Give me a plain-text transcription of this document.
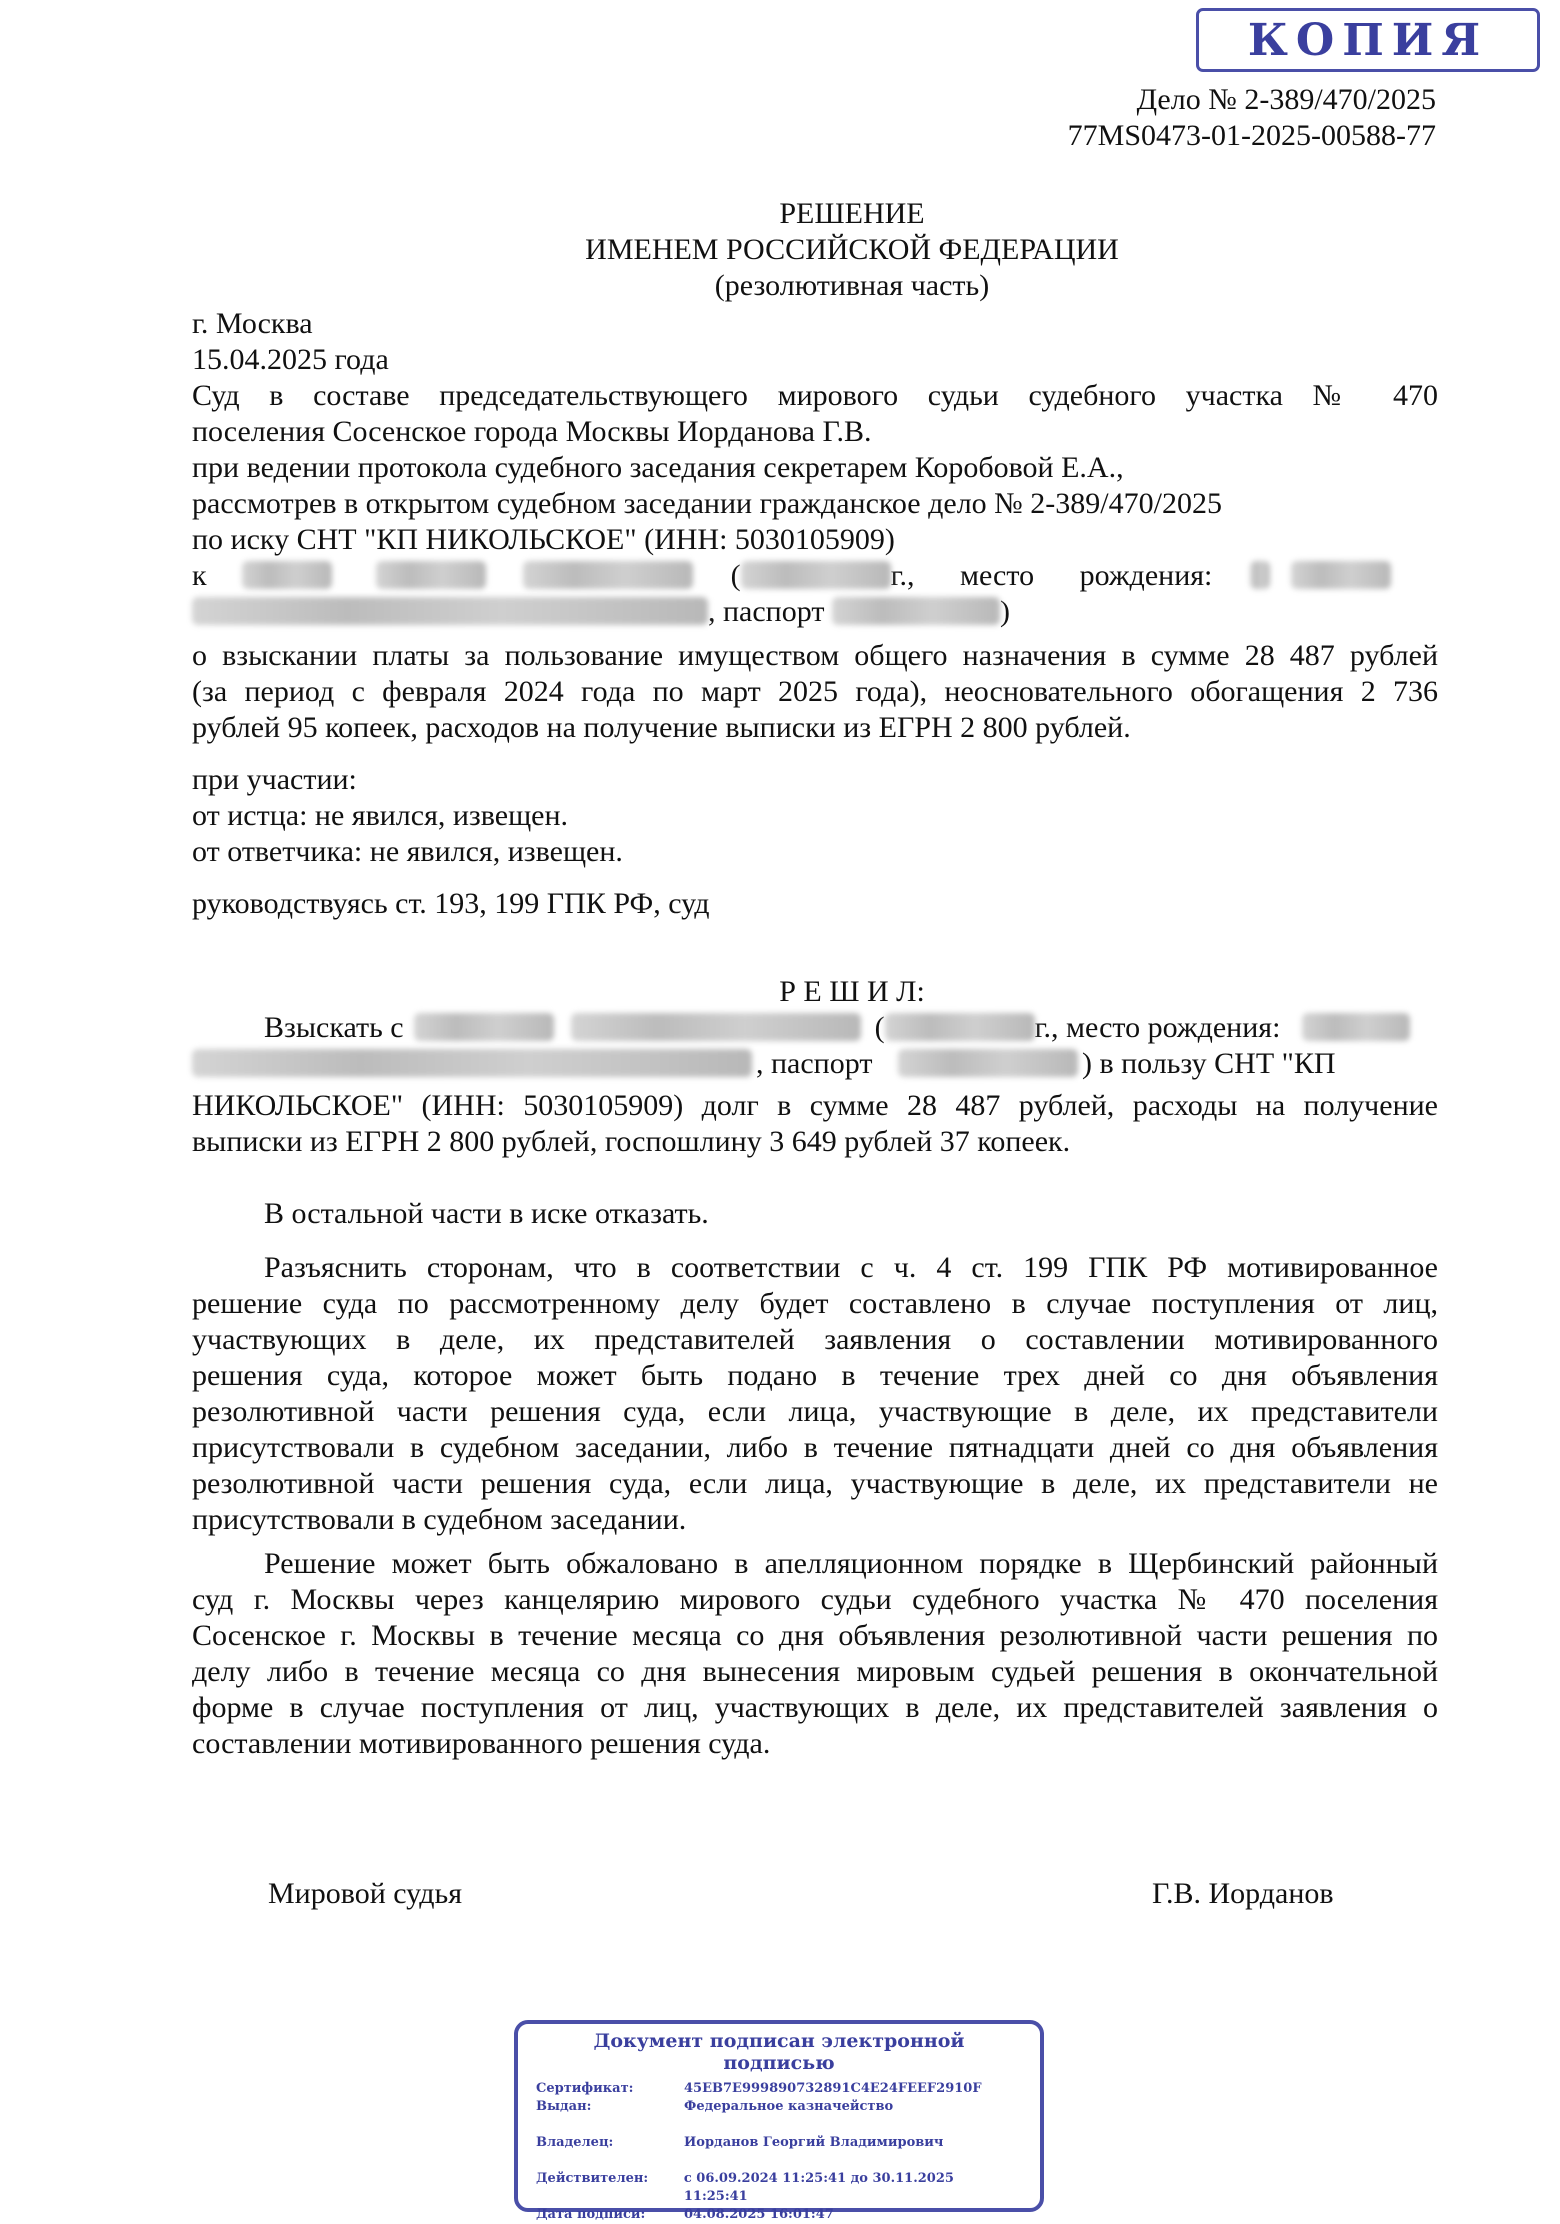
КОПИЯ
Дело № 2-389/470/2025
77MS0473-01-2025-00588-77
РЕШЕНИЕ
ИМЕНЕМ РОССИЙСКОЙ ФЕДЕРАЦИИ
(резолютивная часть)
г. Москва
15.04.2025 года
Суд в составе председательствующего мирового судьи судебного участка № 470
поселения Сосенское города Москвы Иорданова Г.В.
при ведении протокола судебного заседания секретарем Коробовой Е.А.,
рассмотрев в открытом судебном заседании гражданское дело № 2-389/470/2025
по иску СНТ "КП НИКОЛЬСКОЕ" (ИНН: 5030105909)
к	(	г., место рождения:
, паспорт	)
о взыскании платы за пользование имуществом общего назначения в сумме 28 487 рублей
(за период с февраля 2024 года по март 2025 года), неосновательного обогащения 2 736
рублей 95 копеек, расходов на получение выписки из ЕГРН 2 800 рублей.
при участии:
от истца: не явился, извещен.
от ответчика: не явился, извещен.
руководствуясь ст. 193, 199 ГПК РФ, суд
Р Е Ш И Л:
Взыскать с	(	г., место рождения:
, паспорт	) в пользу СНТ "КП
НИКОЛЬСКОЕ" (ИНН: 5030105909) долг в сумме 28 487 рублей, расходы на получение
выписки из ЕГРН 2 800 рублей, госпошлину 3 649 рублей 37 копеек.
В остальной части в иске отказать.
Разъяснить сторонам, что в соответствии с ч. 4 ст. 199 ГПК РФ мотивированное
решение суда по рассмотренному делу будет составлено в случае поступления от лиц,
участвующих в деле, их представителей заявления о составлении мотивированного
решения суда, которое может быть подано в течение трех дней со дня объявления
резолютивной части решения суда, если лица, участвующие в деле, их представители
присутствовали в судебном заседании, либо в течение пятнадцати дней со дня объявления
резолютивной части решения суда, если лица, участвующие в деле, их представители не
присутствовали в судебном заседании.
Решение может быть обжаловано в апелляционном порядке в Щербинский районный
суд г. Москвы через канцелярию мирового судьи судебного участка № 470 поселения
Сосенское г. Москвы в течение месяца со дня объявления резолютивной части решения по
делу либо в течение месяца со дня вынесения мировым судьей решения в окончательной
форме в случае поступления от лиц, участвующих в деле, их представителей заявления о
составлении мотивированного решения суда.
Мировой судья	Г.В. Иорданов
Документ подписан электронной подписью
Сертификат:	45EB7E999890732891C4E24FEEF2910F
Выдан:	Федеральное казначейство
Владелец:	Иорданов Георгий Владимирович
Действителен:	с 06.09.2024 11:25:41 до 30.11.2025 11:25:41
Дата подписи:	04.08.2025 16:01:47
